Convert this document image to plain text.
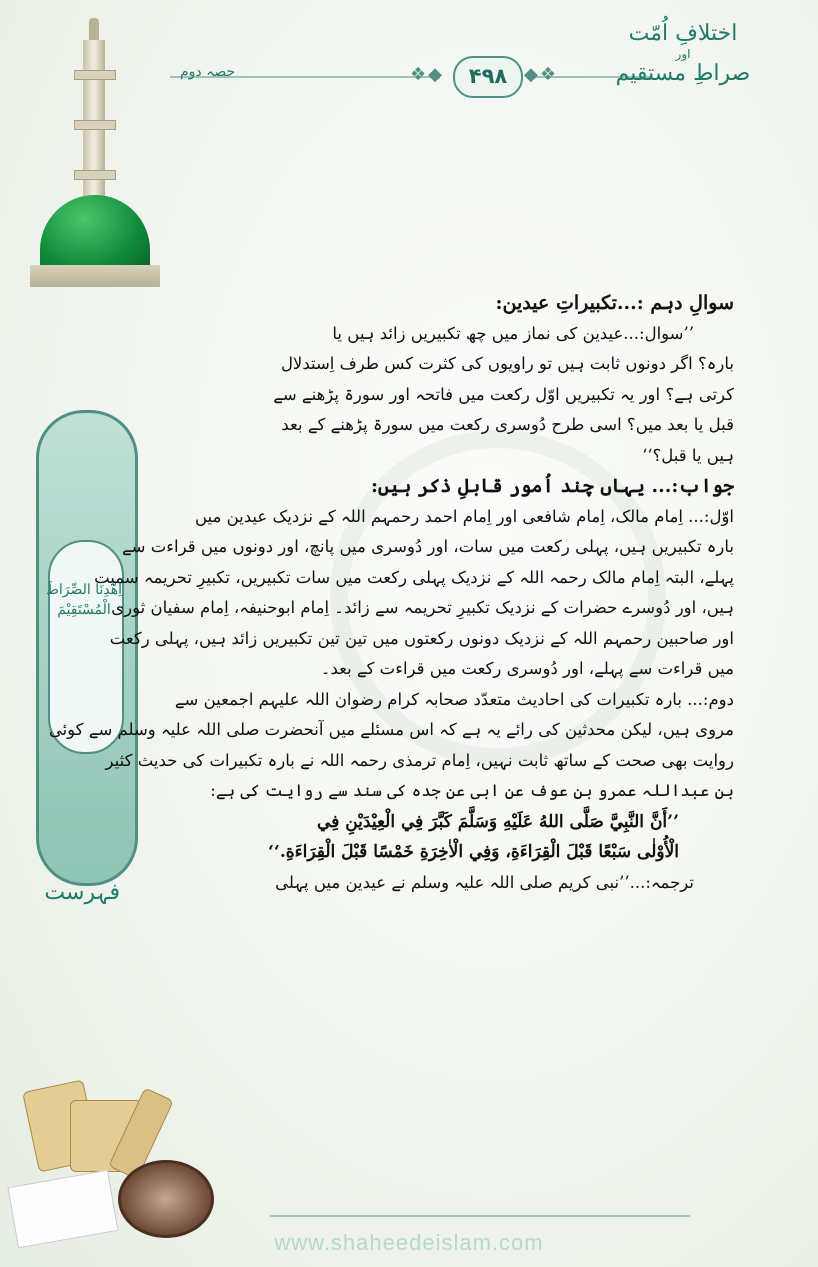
❖◆	◆❖
۴۹۸
اختلافِ اُمّت
اور
صراطِ مستقیم
حصہ دوم
اِھْدِنَا الصِّرَاطَ
الْمُسْتَقِیْمَ
فہرست
سوالِ دہم :...تکبیراتِ عیدین:
’’سوال:...عیدین کی نماز میں چھ تکبیریں زائد ہیں یا
بارہ؟ اگر دونوں ثابت ہیں تو راویوں کی کثرت کس طرف اِستدلال
کرتی ہے؟ اور یہ تکبیریں اوّل رکعت میں فاتحہ اور سورۃ پڑھنے سے
قبل یا بعد میں؟ اسی طرح دُوسری رکعت میں سورۃ پڑھنے کے بعد
ہیں یا قبل؟‘‘
جواب:... یہاں چند اُمور قابلِ ذکر ہیں:
اوّل:... اِمام مالک، اِمام شافعی اور اِمام احمد رحمہم اللہ کے نزدیک عیدین میں
بارہ تکبیریں ہیں، پہلی رکعت میں سات، اور دُوسری میں پانچ، اور دونوں میں قراءت سے
پہلے، البتہ اِمام مالک رحمہ اللہ کے نزدیک پہلی رکعت میں سات تکبیریں، تکبیرِ تحریمہ سمیت
ہیں، اور دُوسرے حضرات کے نزدیک تکبیرِ تحریمہ سے زائد۔ اِمام ابوحنیفہ، اِمام سفیان ثوری
اور صاحبین رحمہم اللہ کے نزدیک دونوں رکعتوں میں تین تین تکبیریں زائد ہیں، پہلی رکعت
میں قراءت سے پہلے، اور دُوسری رکعت میں قراءت کے بعد۔
دوم:... بارہ تکبیرات کی احادیث متعدّد صحابہ کرام رضوان اللہ علیہم اجمعین سے
مروی ہیں، لیکن محدثین کی رائے یہ ہے کہ اس مسئلے میں آنحضرت صلی اللہ علیہ وسلم سے کوئی
روایت بھی صحت کے ساتھ ثابت نہیں، اِمام ترمذی رحمہ اللہ نے بارہ تکبیرات کی حدیث کثیر
بن عبداللہ عمرو بن عوف عن ابی عن جدہ کی سند سے روایت کی ہے:
’’أَنَّ النَّبِيَّ صَلَّى اللهُ عَلَيْهِ وَسَلَّمَ كَبَّرَ فِي الْعِيْدَيْنِ فِي
الْأُوْلٰى سَبْعًا قَبْلَ الْقِرَاءَةِ، وَفِي الْاٰخِرَةِ خَمْسًا قَبْلَ الْقِرَاءَةِ.‘‘
ترجمہ:...’’نبی کریم صلی اللہ علیہ وسلم نے عیدین میں پہلی
www.shaheedeislam.com
